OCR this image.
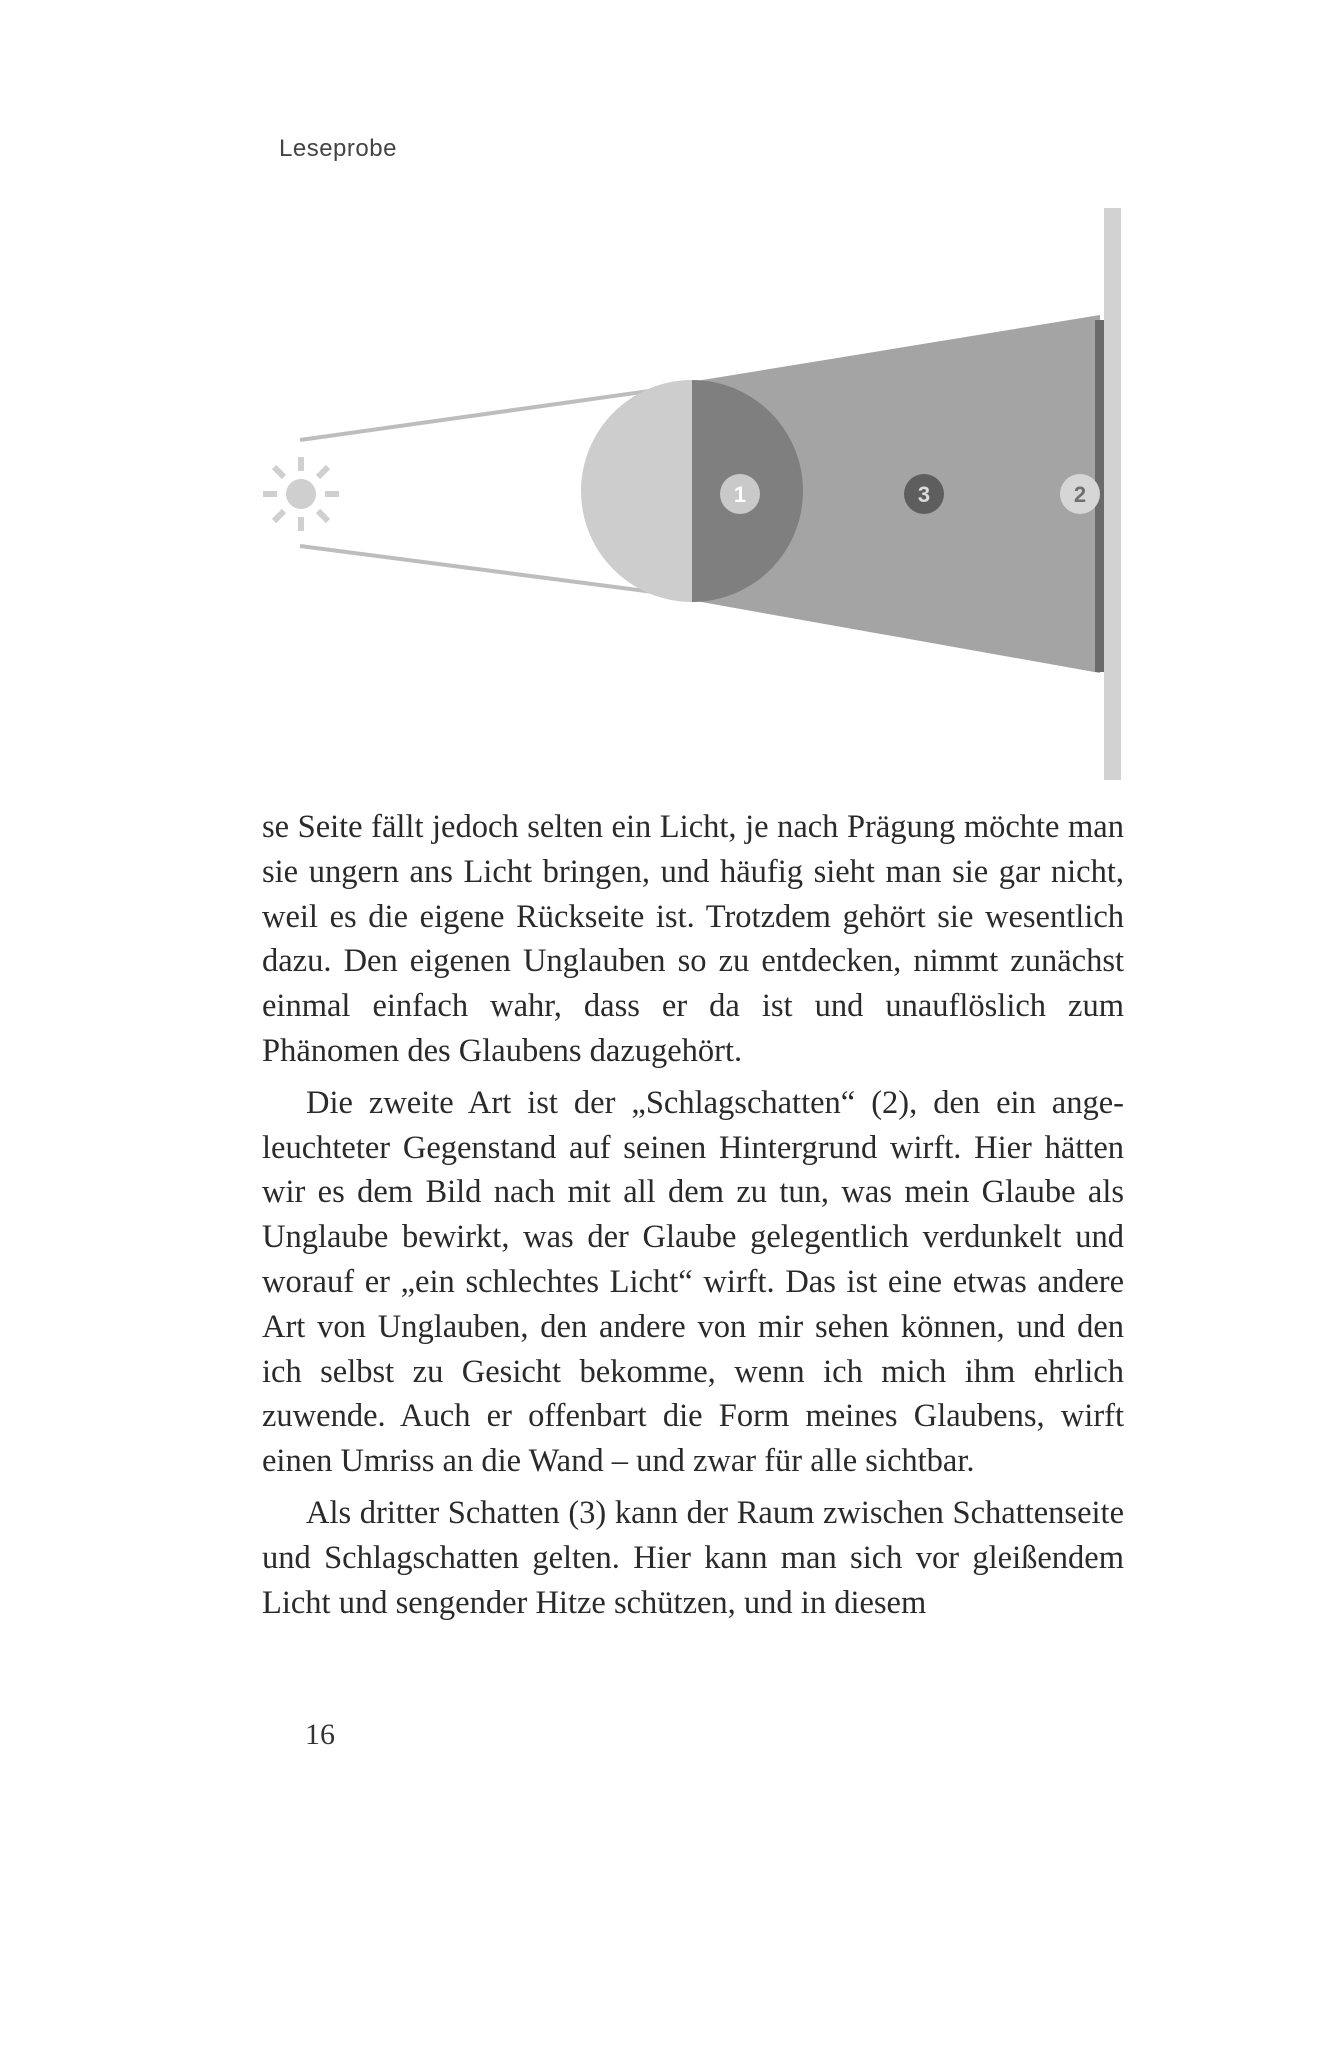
Leseprobe
1	3	2

se Seite fällt jedoch selten ein Licht, je nach Prägung möchte man sie ungern ans Licht bringen, und häufig sieht man sie gar nicht, weil es die eigene Rückseite ist. Trotzdem gehört sie wesentlich dazu. Den eigenen Unglauben so zu entdecken, nimmt zunächst einmal einfach wahr, dass er da ist und unauflöslich zum Phänomen des Glaubens dazugehört.

Die zweite Art ist der „Schlagschatten“ (2), den ein angeleuchteter Gegenstand auf seinen Hintergrund wirft. Hier hätten wir es dem Bild nach mit all dem zu tun, was mein Glaube als Unglaube bewirkt, was der Glaube gelegentlich verdunkelt und worauf er „ein schlechtes Licht“ wirft. Das ist eine etwas andere Art von Unglauben, den andere von mir sehen können, und den ich selbst zu Gesicht bekomme, wenn ich mich ihm ehrlich zuwende. Auch er offenbart die Form meines Glaubens, wirft einen Umriss an die Wand – und zwar für alle sichtbar.

Als dritter Schatten (3) kann der Raum zwischen Schattenseite und Schlagschatten gelten. Hier kann man sich vor gleißendem Licht und sengender Hitze schützen, und in diesem

16
